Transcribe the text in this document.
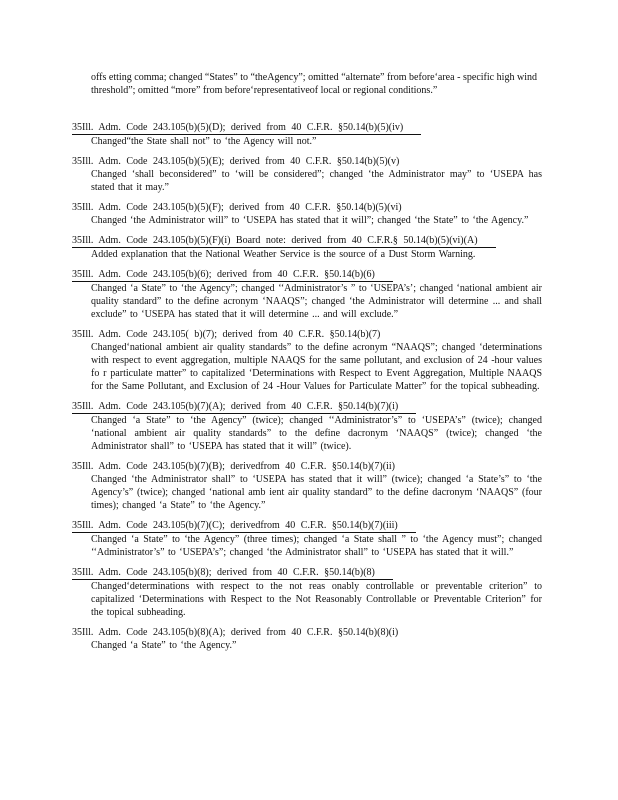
offs etting comma; changed “States” to “theAgency”; omitted “alternate” from before‘area - specific high wind threshold”; omitted “more” from before‘representativeof local or regional conditions.”
35Ill. Adm. Code 243.105(b)(5)(D); derived from 40 C.F.R. §50.14(b)(5)(iv)
Changed“the State shall not” to ‘the Agency will not.”
35Ill. Adm. Code 243.105(b)(5)(E); derived from 40 C.F.R. §50.14(b)(5)(v)
Changed ‘shall beconsidered” to ‘will be considered”; changed ‘the Administrator may” to ‘USEPA has stated that it may.”
35Ill. Adm. Code 243.105(b)(5)(F); derived from 40 C.F.R. §50.14(b)(5)(vi)
Changed ‘the Administrator will” to ‘USEPA has stated that it will”; changed ‘the State” to ‘the Agency.”
35Ill. Adm. Code 243.105(b)(5)(F)(i) Board note: derived from 40 C.F.R.§ 50.14(b)(5)(vi)(A)
Added explanation that the National Weather Service is the source of a Dust Storm Warning.
35Ill. Adm. Code 243.105(b)(6); derived from 40 C.F.R. §50.14(b)(6)
Changed ‘a State” to ‘the Agency”; changed ‘‘Administrator’s ” to ‘USEPA’s’; changed ‘national ambient air quality standard” to the define acronym ‘NAAQS”; changed ‘the Administrator will determine ... and shall exclude” to ‘USEPA has stated that it will determine ... and will exclude.”
35Ill. Adm. Code 243.105( b)(7); derived from 40 C.F.R. §50.14(b)(7)
Changed‘national ambient air quality standards” to the define acronym “NAAQS”; changed ‘determinations with respect to event aggregation, multiple NAAQS for the same pollutant, and exclusion of 24 -hour values fo r particulate matter” to capitalized ‘Determinations with Respect to Event Aggregation, Multiple NAAQS for the Same Pollutant, and Exclusion of 24 -Hour Values for Particulate Matter” for the topical subheading.
35Ill. Adm. Code 243.105(b)(7)(A); derived from 40 C.F.R. §50.14(b)(7)(i)
Changed ‘a State” to ‘the Agency” (twice); changed ‘‘Administrator’s” to ‘USEPA’s” (twice); changed ‘national ambient air quality standards” to the define dacronym ‘NAAQS” (twice); changed ‘the Administrator shall” to ‘USEPA has stated that it will” (twice).
35Ill. Adm. Code 243.105(b)(7)(B); derivedfrom 40 C.F.R. §50.14(b)(7)(ii)
Changed ‘the Administrator shall” to ‘USEPA has stated that it will” (twice); changed ‘a State’s” to ‘the Agency’s” (twice); changed ‘national amb ient air quality standard” to the define dacronym ‘NAAQS” (four times); changed ‘a State” to ‘the Agency.”
35Ill. Adm. Code 243.105(b)(7)(C); derivedfrom 40 C.F.R. §50.14(b)(7)(iii)
Changed ‘a State” to ‘the Agency” (three times); changed ‘a State shall ” to ‘the Agency must”; changed ‘‘Administrator’s” to ‘USEPA’s”; changed ‘the Administrator shall” to ‘USEPA has stated that it will.”
35Ill. Adm. Code 243.105(b)(8); derived from 40 C.F.R. §50.14(b)(8)
Changed‘determinations with respect to the not reas onably controllable or preventable criterion” to capitalized ‘Determinations with Respect to the Not Reasonably Controllable or Preventable Criterion” for the topical subheading.
35Ill. Adm. Code 243.105(b)(8)(A); derived from 40 C.F.R. §50.14(b)(8)(i)
Changed ‘a State” to ‘the Agency.”
